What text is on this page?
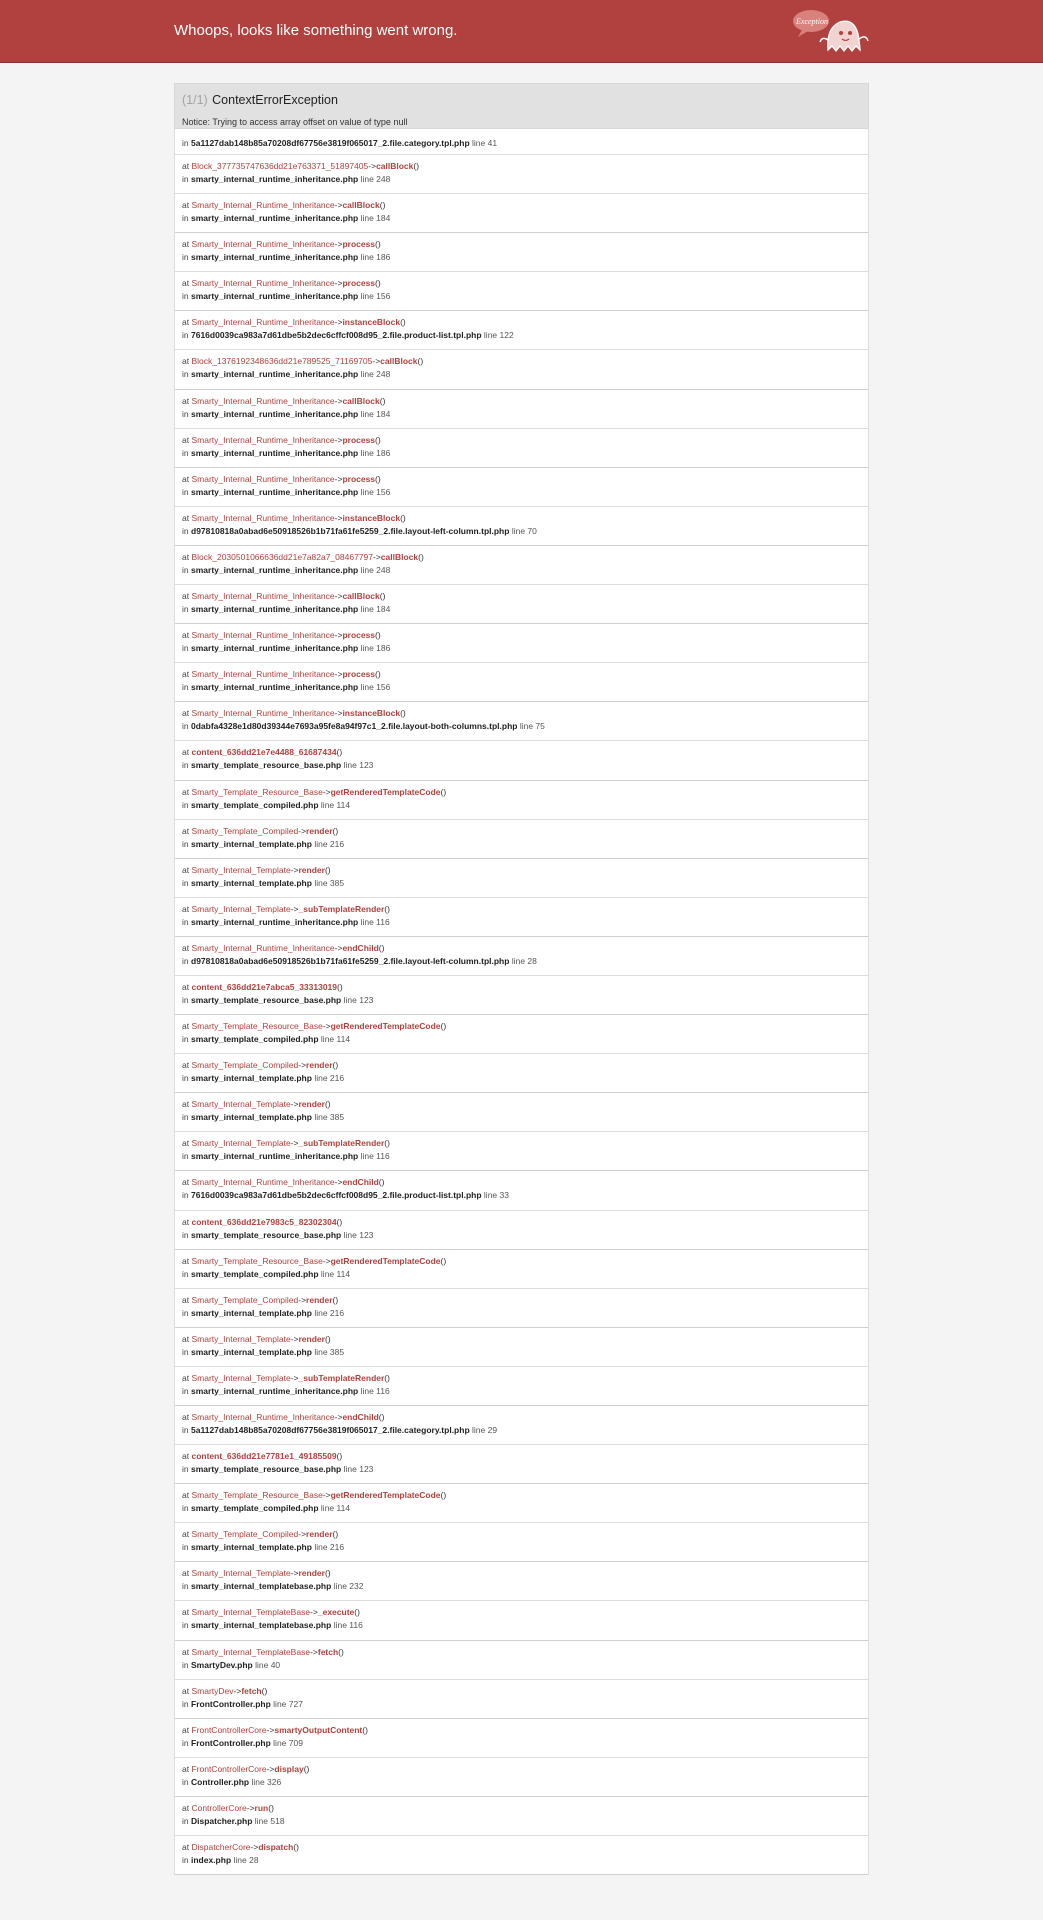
Whoops, looks like something went wrong.
Exception
(1/1) ContextErrorException
Notice: Trying to access array offset on value of type null
in 5a1127dab148b85a70208df67756e3819f065017_2.file.category.tpl.php line 41
at Block_377735747636dd21e763371_51897405->callBlock()
in smarty_internal_runtime_inheritance.php line 248
at Smarty_Internal_Runtime_Inheritance->callBlock()
in smarty_internal_runtime_inheritance.php line 184
at Smarty_Internal_Runtime_Inheritance->process()
in smarty_internal_runtime_inheritance.php line 186
at Smarty_Internal_Runtime_Inheritance->process()
in smarty_internal_runtime_inheritance.php line 156
at Smarty_Internal_Runtime_Inheritance->instanceBlock()
in 7616d0039ca983a7d61dbe5b2dec6cffcf008d95_2.file.product-list.tpl.php line 122
at Block_1376192348636dd21e789525_71169705->callBlock()
in smarty_internal_runtime_inheritance.php line 248
at Smarty_Internal_Runtime_Inheritance->callBlock()
in smarty_internal_runtime_inheritance.php line 184
at Smarty_Internal_Runtime_Inheritance->process()
in smarty_internal_runtime_inheritance.php line 186
at Smarty_Internal_Runtime_Inheritance->process()
in smarty_internal_runtime_inheritance.php line 156
at Smarty_Internal_Runtime_Inheritance->instanceBlock()
in d97810818a0abad6e50918526b1b71fa61fe5259_2.file.layout-left-column.tpl.php line 70
at Block_2030501066636dd21e7a82a7_08467797->callBlock()
in smarty_internal_runtime_inheritance.php line 248
at Smarty_Internal_Runtime_Inheritance->callBlock()
in smarty_internal_runtime_inheritance.php line 184
at Smarty_Internal_Runtime_Inheritance->process()
in smarty_internal_runtime_inheritance.php line 186
at Smarty_Internal_Runtime_Inheritance->process()
in smarty_internal_runtime_inheritance.php line 156
at Smarty_Internal_Runtime_Inheritance->instanceBlock()
in 0dabfa4328e1d80d39344e7693a95fe8a94f97c1_2.file.layout-both-columns.tpl.php line 75
at content_636dd21e7e4488_61687434()
in smarty_template_resource_base.php line 123
at Smarty_Template_Resource_Base->getRenderedTemplateCode()
in smarty_template_compiled.php line 114
at Smarty_Template_Compiled->render()
in smarty_internal_template.php line 216
at Smarty_Internal_Template->render()
in smarty_internal_template.php line 385
at Smarty_Internal_Template->_subTemplateRender()
in smarty_internal_runtime_inheritance.php line 116
at Smarty_Internal_Runtime_Inheritance->endChild()
in d97810818a0abad6e50918526b1b71fa61fe5259_2.file.layout-left-column.tpl.php line 28
at content_636dd21e7abca5_33313019()
in smarty_template_resource_base.php line 123
at Smarty_Template_Resource_Base->getRenderedTemplateCode()
in smarty_template_compiled.php line 114
at Smarty_Template_Compiled->render()
in smarty_internal_template.php line 216
at Smarty_Internal_Template->render()
in smarty_internal_template.php line 385
at Smarty_Internal_Template->_subTemplateRender()
in smarty_internal_runtime_inheritance.php line 116
at Smarty_Internal_Runtime_Inheritance->endChild()
in 7616d0039ca983a7d61dbe5b2dec6cffcf008d95_2.file.product-list.tpl.php line 33
at content_636dd21e7983c5_82302304()
in smarty_template_resource_base.php line 123
at Smarty_Template_Resource_Base->getRenderedTemplateCode()
in smarty_template_compiled.php line 114
at Smarty_Template_Compiled->render()
in smarty_internal_template.php line 216
at Smarty_Internal_Template->render()
in smarty_internal_template.php line 385
at Smarty_Internal_Template->_subTemplateRender()
in smarty_internal_runtime_inheritance.php line 116
at Smarty_Internal_Runtime_Inheritance->endChild()
in 5a1127dab148b85a70208df67756e3819f065017_2.file.category.tpl.php line 29
at content_636dd21e7781e1_49185509()
in smarty_template_resource_base.php line 123
at Smarty_Template_Resource_Base->getRenderedTemplateCode()
in smarty_template_compiled.php line 114
at Smarty_Template_Compiled->render()
in smarty_internal_template.php line 216
at Smarty_Internal_Template->render()
in smarty_internal_templatebase.php line 232
at Smarty_Internal_TemplateBase->_execute()
in smarty_internal_templatebase.php line 116
at Smarty_Internal_TemplateBase->fetch()
in SmartyDev.php line 40
at SmartyDev->fetch()
in FrontController.php line 727
at FrontControllerCore->smartyOutputContent()
in FrontController.php line 709
at FrontControllerCore->display()
in Controller.php line 326
at ControllerCore->run()
in Dispatcher.php line 518
at DispatcherCore->dispatch()
in index.php line 28
